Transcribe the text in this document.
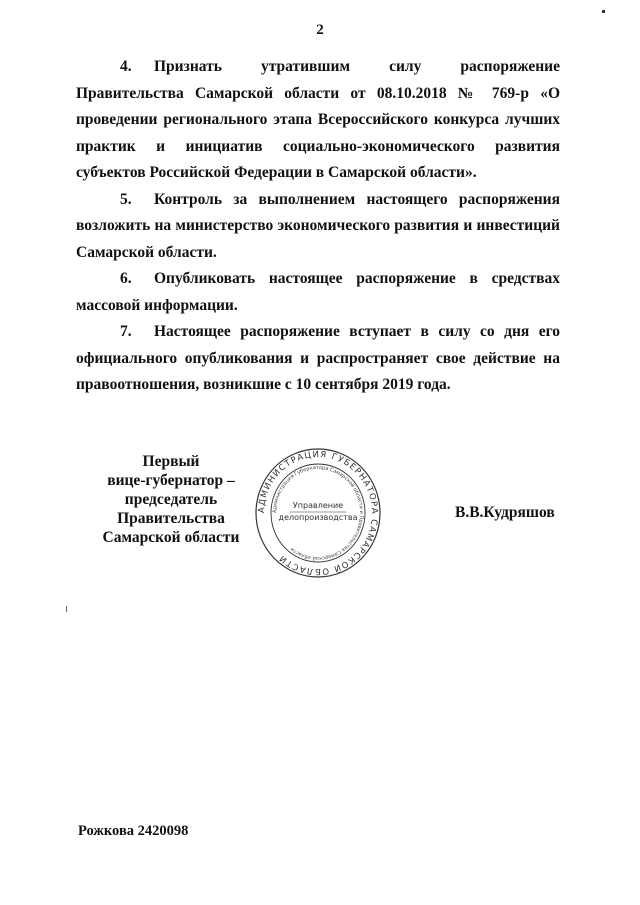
2

4. Признать утратившим силу распоряжение Правительства Самарской области от 08.10.2018 № 769-р «О проведении регионального этапа Всероссийского конкурса лучших практик и инициатив социально-экономического развития субъектов Российской Федерации в Самарской области».

5. Контроль за выполнением настоящего распоряжения возложить на министерство экономического развития и инвестиций Самарской области.

6. Опубликовать настоящее распоряжение в средствах массовой информации.

7. Настоящее распоряжение вступает в силу со дня его официального опубликования и распространяет свое действие на правоотношения, возникшие с 10 сентября 2019 года.

Первый
вице-губернатор –
председатель Правительства
Самарской области
АДМИНИСТРАЦИЯ ГУБЕРНАТОРА САМАРСКОЙ ОБЛАСТИ
Администрация Губернатора Самарской области и Правительства Самарской области
Управление
делопроизводства	В.В.Кудряшов
Рожкова 2420098
